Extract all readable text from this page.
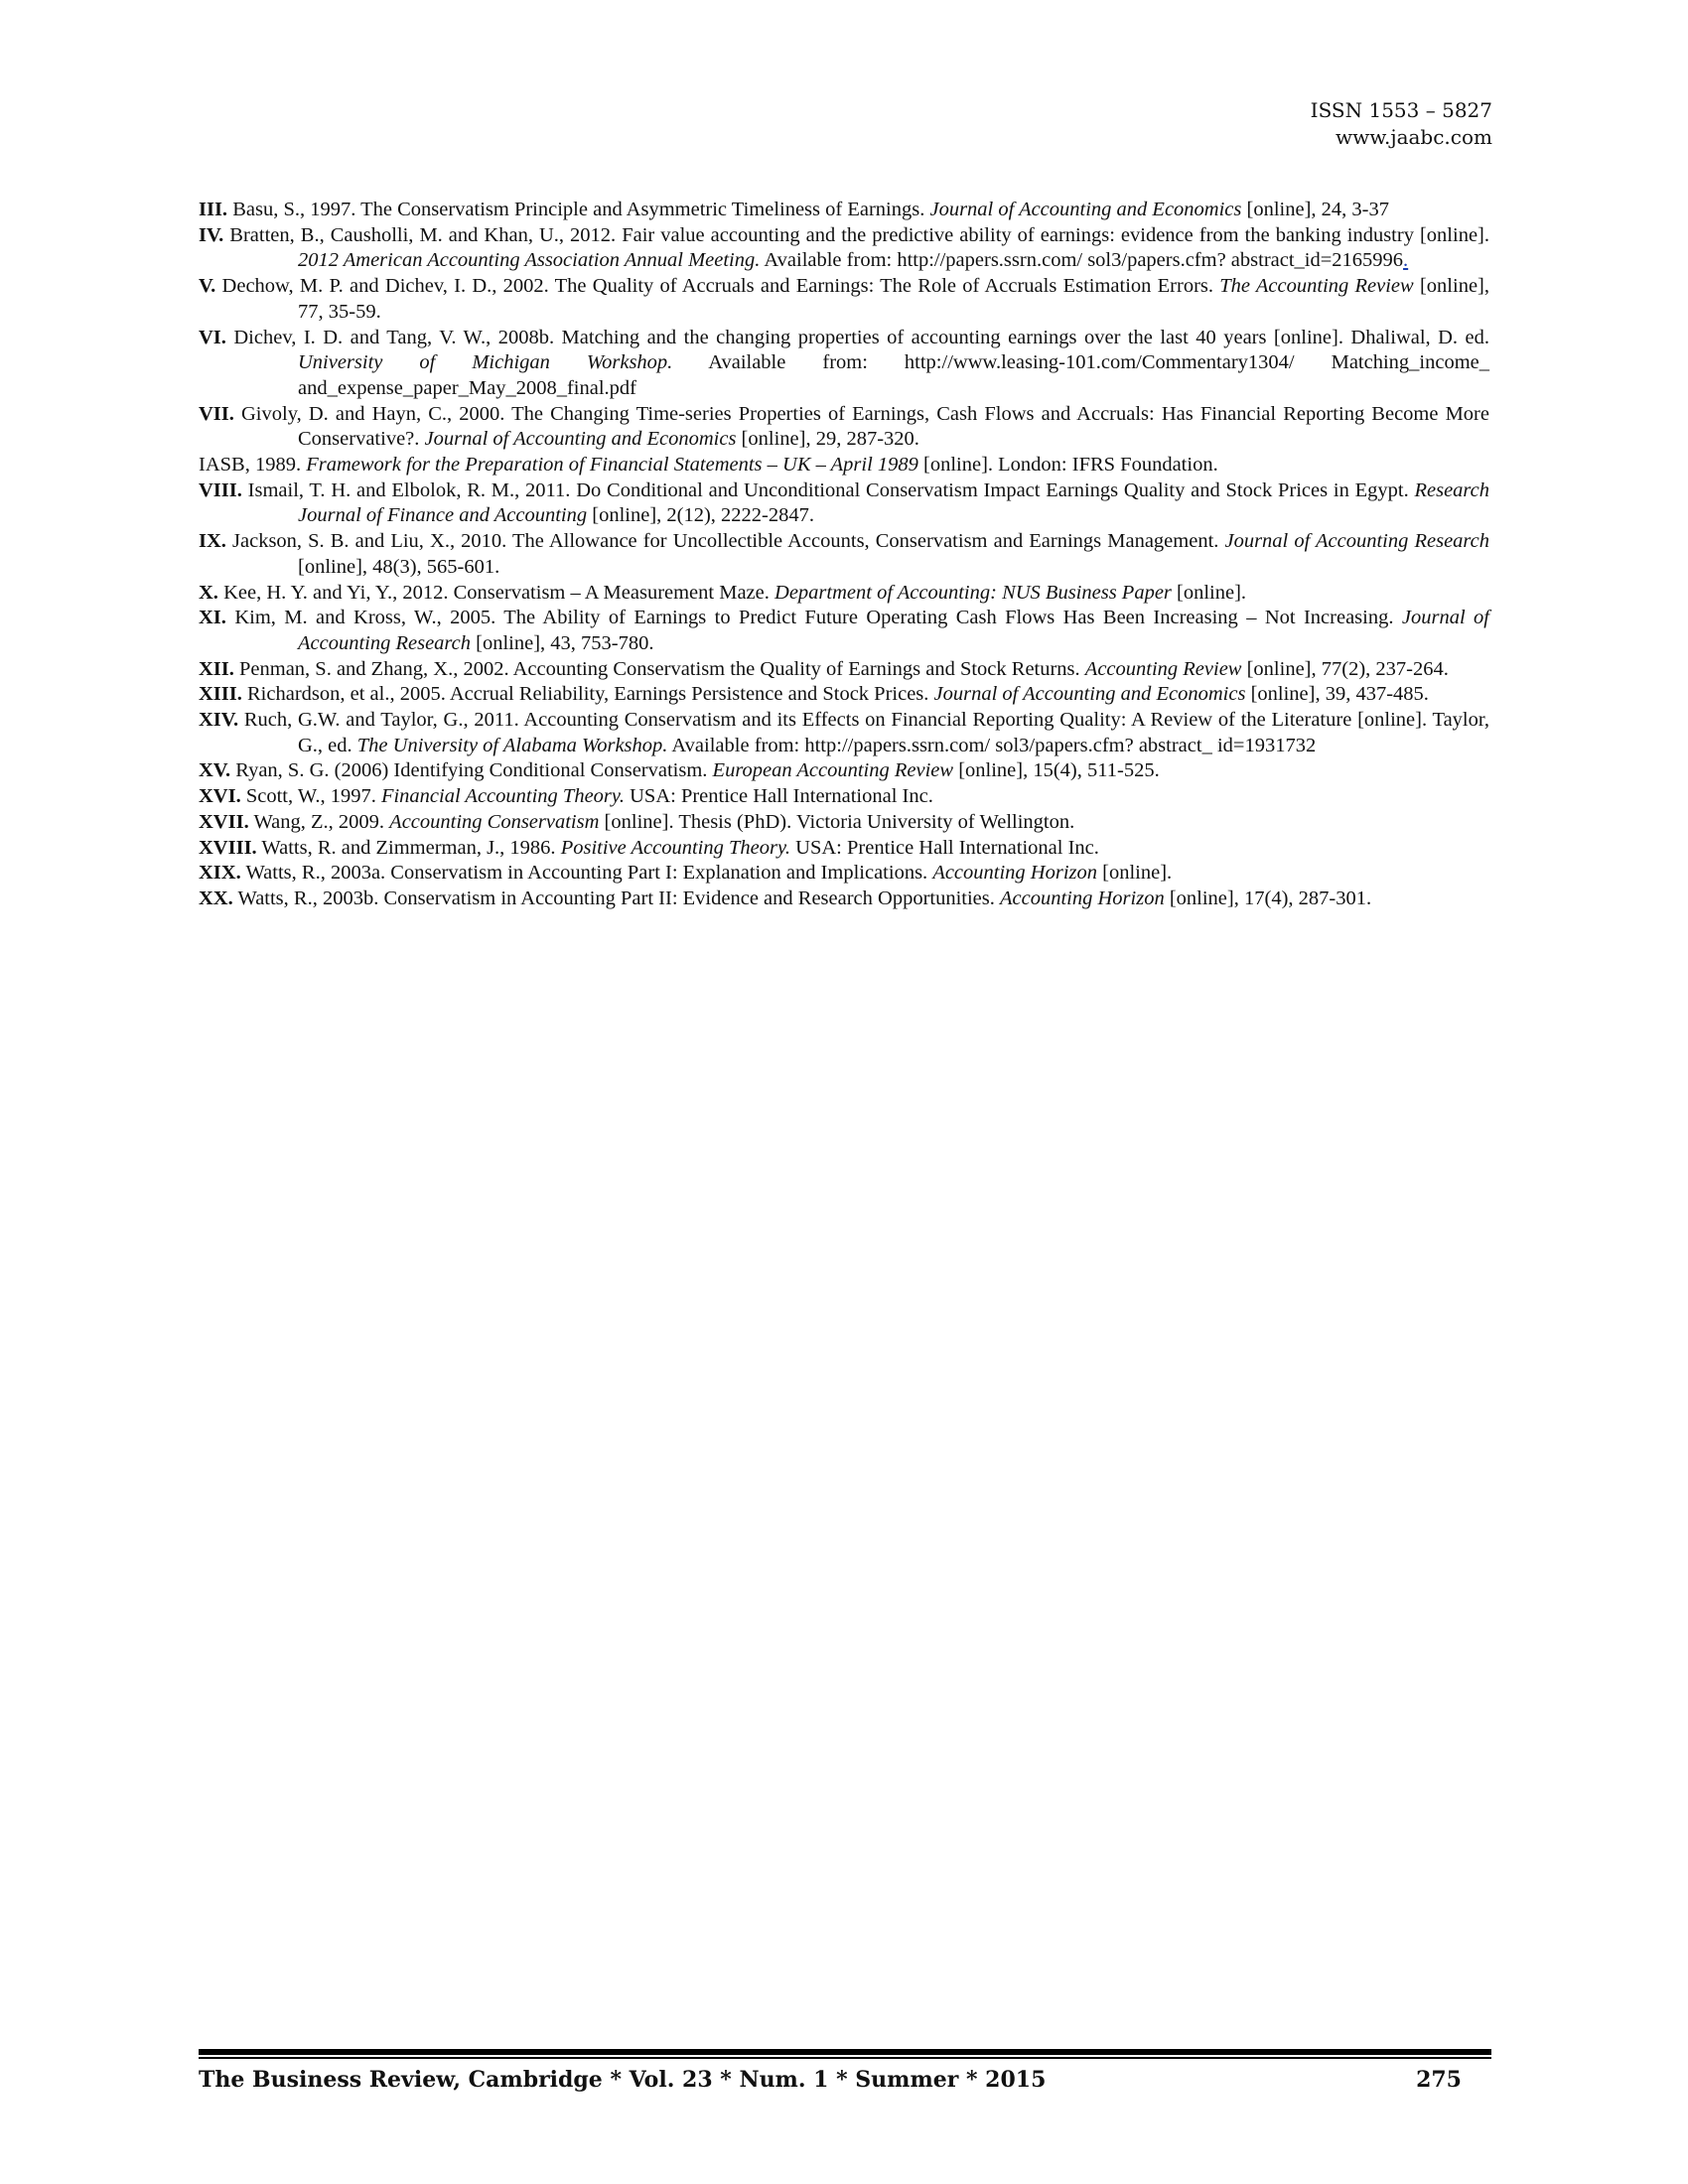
ISSN 1553 – 5827
www.jaabc.com

III. Basu, S., 1997. The Conservatism Principle and Asymmetric Timeliness of Earnings. Journal of Accounting and Economics [online], 24, 3-37

IV. Bratten, B., Causholli, M. and Khan, U., 2012. Fair value accounting and the predictive ability of earnings: evidence from the banking industry [online]. 2012 American Accounting Association Annual Meeting. Available from: http://papers.ssrn.com/ sol3/papers.cfm? abstract_id=2165996.

V. Dechow, M. P. and Dichev, I. D., 2002. The Quality of Accruals and Earnings: The Role of Accruals Estimation Errors. The Accounting Review [online], 77, 35-59.

VI. Dichev, I. D. and Tang, V. W., 2008b. Matching and the changing properties of accounting earnings over the last 40 years [online]. Dhaliwal, D. ed. University of Michigan Workshop. Available from: http://www.leasing-101.com/Commentary1304/ Matching_income_ and_expense_paper_May_2008_final.pdf

VII. Givoly, D. and Hayn, C., 2000. The Changing Time-series Properties of Earnings, Cash Flows and Accruals: Has Financial Reporting Become More Conservative?. Journal of Accounting and Economics [online], 29, 287-320.

IASB, 1989. Framework for the Preparation of Financial Statements – UK – April 1989 [online]. London: IFRS Foundation.

VIII. Ismail, T. H. and Elbolok, R. M., 2011. Do Conditional and Unconditional Conservatism Impact Earnings Quality and Stock Prices in Egypt. Research Journal of Finance and Accounting [online], 2(12), 2222-2847.

IX. Jackson, S. B. and Liu, X., 2010. The Allowance for Uncollectible Accounts, Conservatism and Earnings Management. Journal of Accounting Research [online], 48(3), 565-601.

X. Kee, H. Y. and Yi, Y., 2012. Conservatism – A Measurement Maze. Department of Accounting: NUS Business Paper [online].

XI. Kim, M. and Kross, W., 2005. The Ability of Earnings to Predict Future Operating Cash Flows Has Been Increasing – Not Increasing. Journal of Accounting Research [online], 43, 753-780.

XII. Penman, S. and Zhang, X., 2002. Accounting Conservatism the Quality of Earnings and Stock Returns. Accounting Review [online], 77(2), 237-264.

XIII. Richardson, et al., 2005. Accrual Reliability, Earnings Persistence and Stock Prices. Journal of Accounting and Economics [online], 39, 437-485.

XIV. Ruch, G.W. and Taylor, G., 2011. Accounting Conservatism and its Effects on Financial Reporting Quality: A Review of the Literature [online]. Taylor, G., ed. The University of Alabama Workshop. Available from: http://papers.ssrn.com/ sol3/papers.cfm? abstract_ id=1931732

XV. Ryan, S. G. (2006) Identifying Conditional Conservatism. European Accounting Review [online], 15(4), 511-525.

XVI. Scott, W., 1997. Financial Accounting Theory. USA: Prentice Hall International Inc.

XVII. Wang, Z., 2009. Accounting Conservatism [online]. Thesis (PhD). Victoria University of Wellington.

XVIII. Watts, R. and Zimmerman, J., 1986. Positive Accounting Theory. USA: Prentice Hall International Inc.

XIX. Watts, R., 2003a. Conservatism in Accounting Part I: Explanation and Implications. Accounting Horizon [online].

XX. Watts, R., 2003b. Conservatism in Accounting Part II: Evidence and Research Opportunities. Accounting Horizon [online], 17(4), 287-301.

The Business Review, Cambridge * Vol. 23 * Num. 1 * Summer * 2015	275
